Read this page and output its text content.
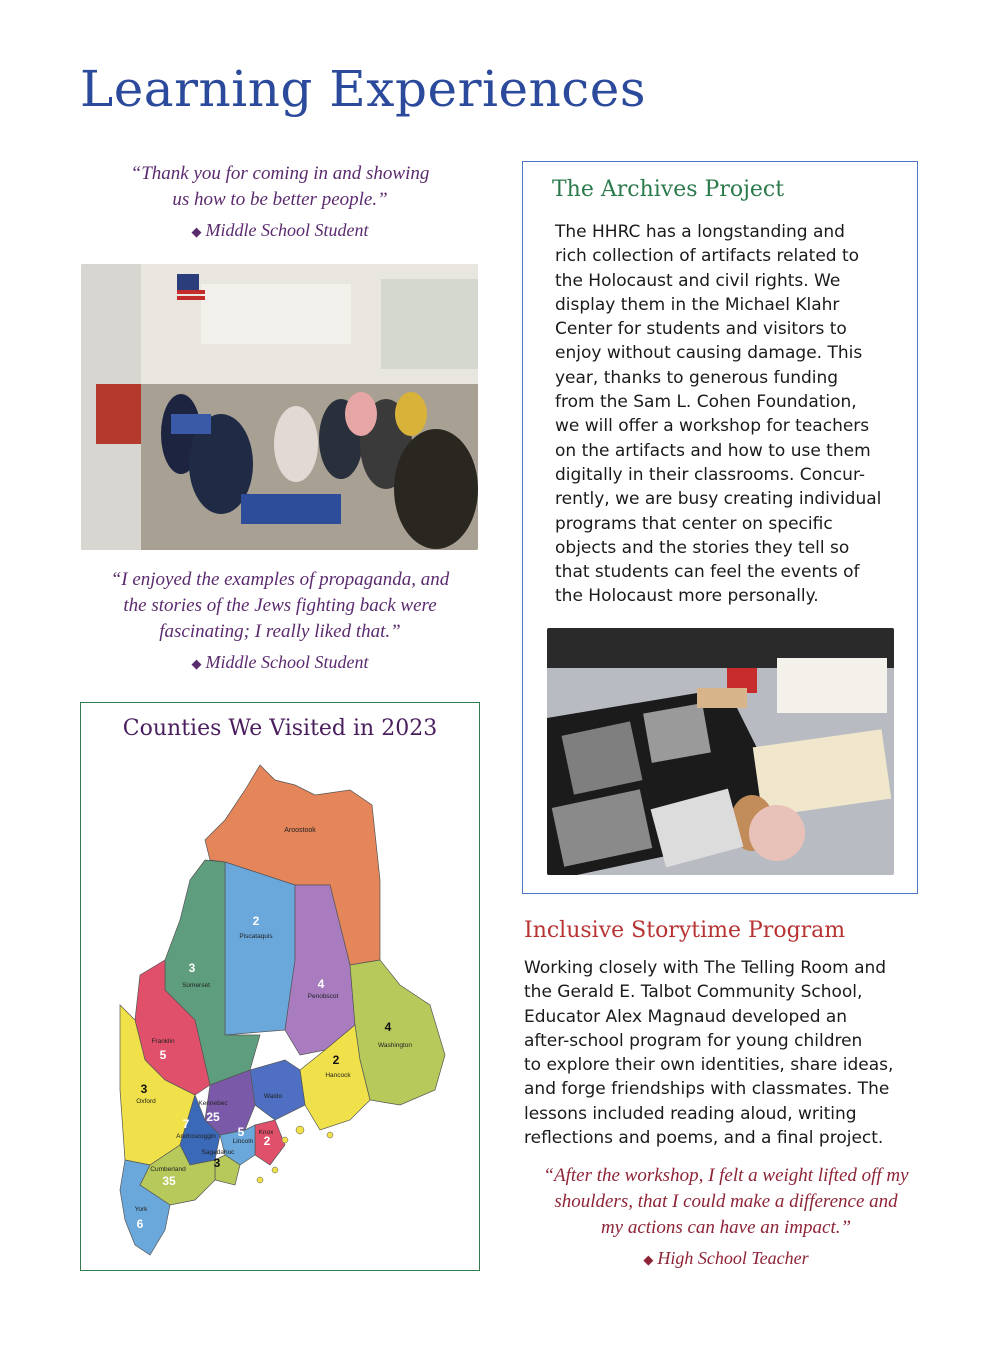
Learning Experiences

“Thank you for coming in and showing

us how to be better people.”

◆ Middle School Student

“I enjoyed the examples of propaganda, and

the stories of the Jews fighting back were

fascinating; I really liked that.”

◆ Middle School Student

The Archives Project

The HHRC has a longstanding and

rich collection of artifacts related to

the Holocaust and civil rights. We

display them in the Michael Klahr

Center for students and visitors to

enjoy without causing damage. This

year, thanks to generous funding

from the Sam L. Cohen Foundation,

we will offer a workshop for teachers

on the artifacts and how to use them

digitally in their classrooms. Concur-

rently, we are busy creating individual

programs that center on specific

objects and the stories they tell so

that students can feel the events of

the Holocaust more personally.

Counties We Visited in 2023
Aroostook
2
Piscataquis
3
Somerset	4
Penobscot
4
Washington
Franklin
5	2
Hancock
3
Oxford	Kennebec
25
Waldo
7
Androscoggin 5
Lincoln
Knox
2
Sagadahoc
3
Cumberland
35
York
6
Inclusive Storytime Program

Working closely with The Telling Room and

the Gerald E. Talbot Community School,

Educator Alex Magnaud developed an

after-school program for young children

to explore their own identities, share ideas,

and forge friendships with classmates. The

lessons included reading aloud, writing

reflections and poems, and a final project.

“After the workshop, I felt a weight lifted off my

shoulders, that I could make a difference and

my actions can have an impact.”

◆ High School Teacher
